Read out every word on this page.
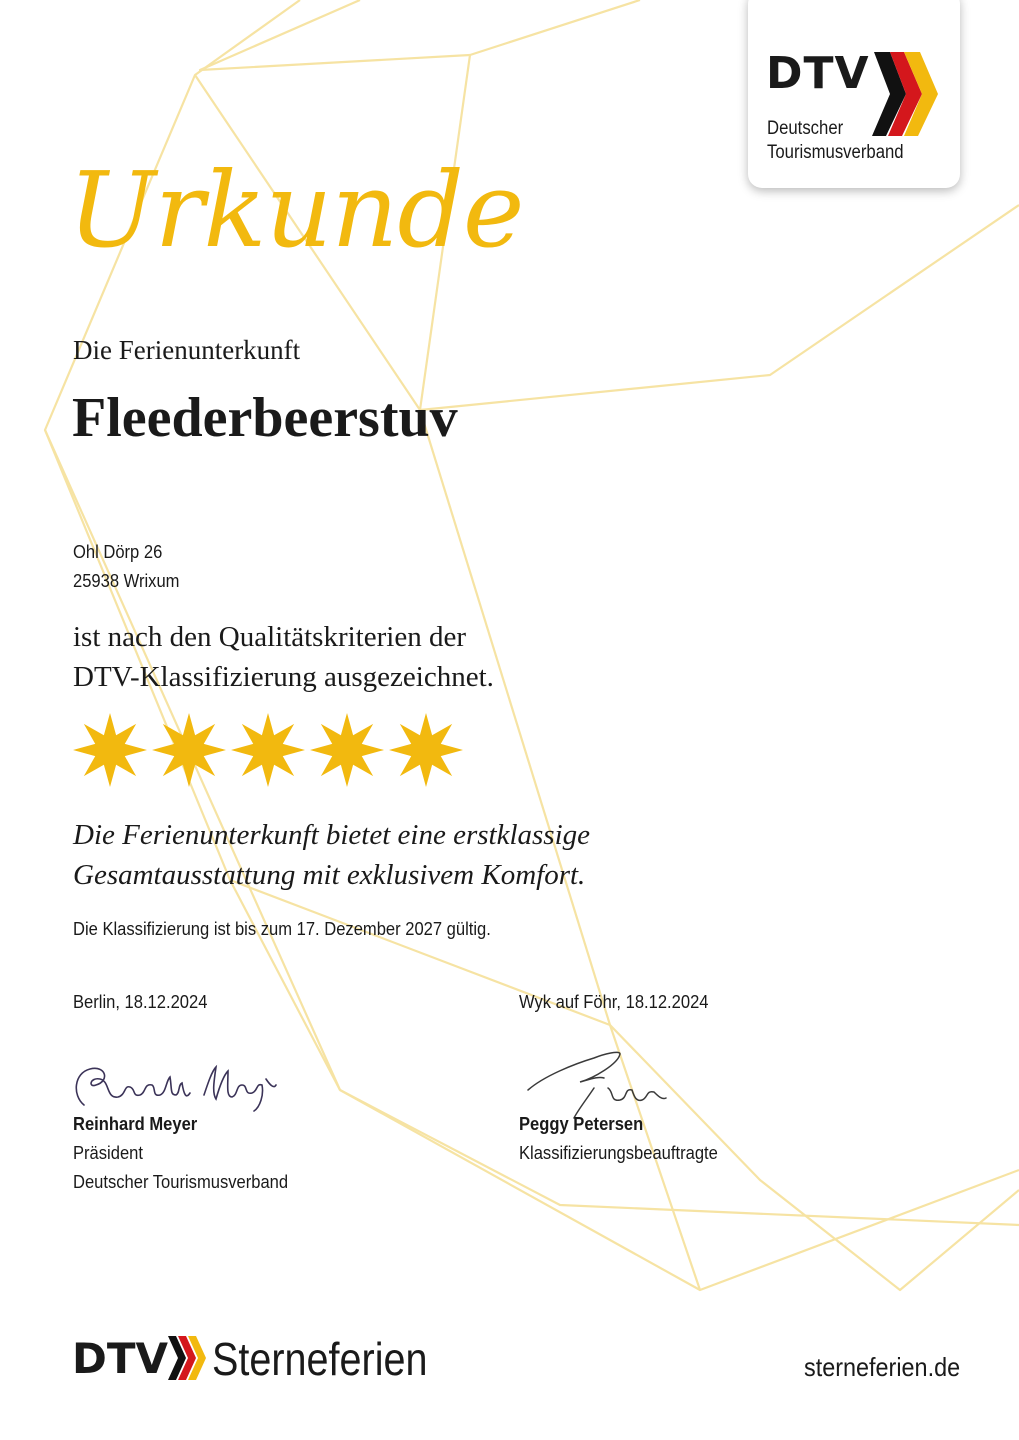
DTV
Deutscher
Tourismusverband
Urkunde
Die Ferienunterkunft
Fleederbeerstuv
Ohl Dörp 26
25938 Wrixum
ist nach den Qualitätskriterien der
DTV-Klassifizierung ausgezeichnet.
Die Ferienunterkunft bietet eine erstklassige
Gesamtausstattung mit exklusivem Komfort.
Die Klassifizierung ist bis zum 17. Dezember 2027 gültig.
Berlin, 18.12.2024	Wyk auf Föhr, 18.12.2024
Reinhard Meyer
Präsident
Deutscher Tourismusverband
Peggy Petersen
Klassifizierungsbeauftragte
DTV Sterneferien	sterneferien.de
